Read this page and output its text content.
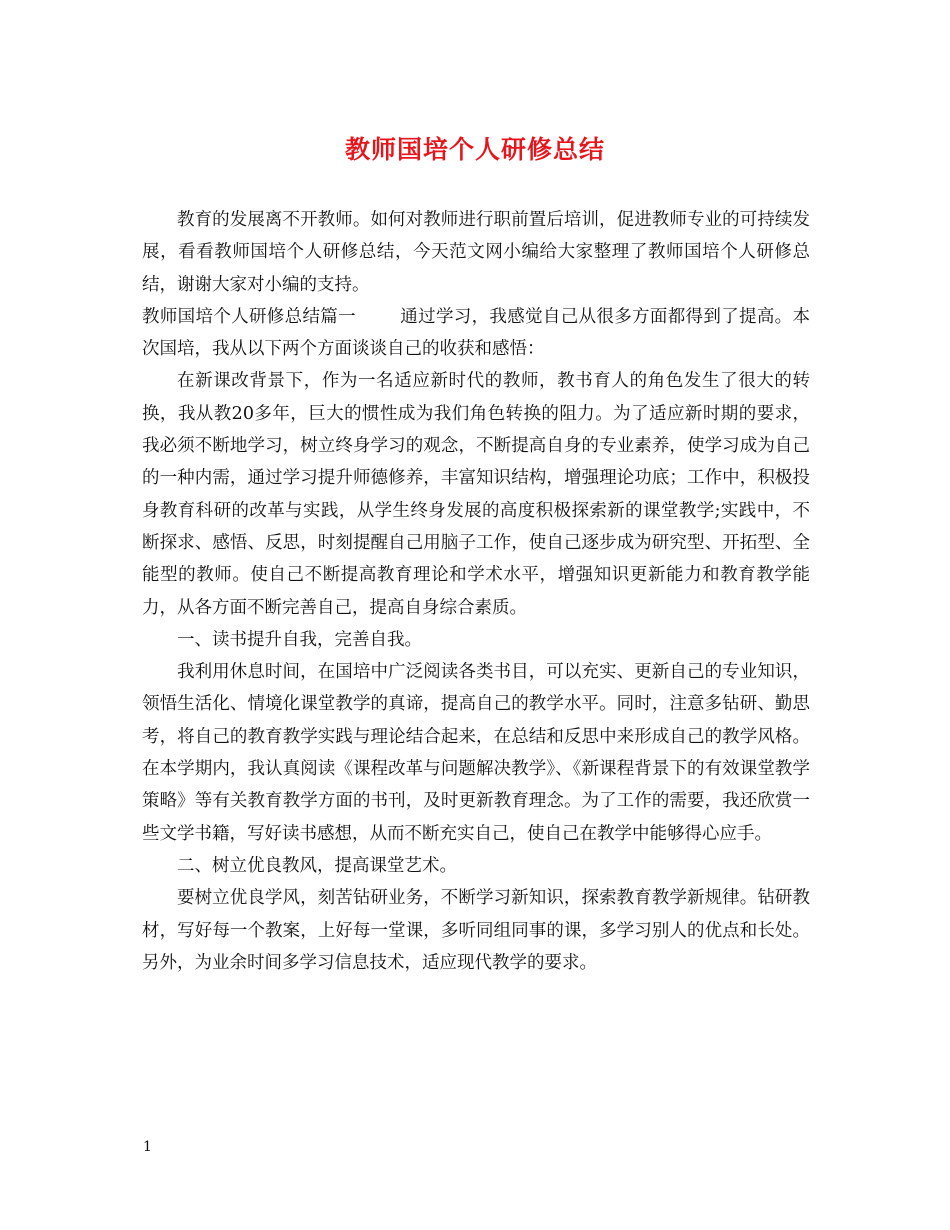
教师国培个人研修总结

教育的发展离不开教师。如何对教师进行职前置后培训，促进教师专业的可持续发展，看看教师国培个人研修总结，今天范文网小编给大家整理了教师国培个人研修总结，谢谢大家对小编的支持。

教师国培个人研修总结篇一	通过学习，我感觉自己从很多方面都得到了提高。本次国培，我从以下两个方面谈谈自己的收获和感悟：

在新课改背景下，作为一名适应新时代的教师，教书育人的角色发生了很大的转换，我从教20多年，巨大的惯性成为我们角色转换的阻力。为了适应新时期的要求，我必须不断地学习，树立终身学习的观念，不断提高自身的专业素养，使学习成为自己的一种内需，通过学习提升师德修养，丰富知识结构，增强理论功底；工作中，积极投身教育科研的改革与实践，从学生终身发展的高度积极探索新的课堂教学;实践中，不断探求、感悟、反思，时刻提醒自己用脑子工作，使自己逐步成为研究型、开拓型、全能型的教师。使自己不断提高教育理论和学术水平，增强知识更新能力和教育教学能力，从各方面不断完善自己，提高自身综合素质。

一、读书提升自我，完善自我。

我利用休息时间，在国培中广泛阅读各类书目，可以充实、更新自己的专业知识，领悟生活化、情境化课堂教学的真谛，提高自己的教学水平。同时，注意多钻研、勤思考，将自己的教育教学实践与理论结合起来，在总结和反思中来形成自己的教学风格。在本学期内，我认真阅读《课程改革与问题解决教学》、《新课程背景下的有效课堂教学策略》等有关教育教学方面的书刊，及时更新教育理念。为了工作的需要，我还欣赏一些文学书籍，写好读书感想，从而不断充实自己，使自己在教学中能够得心应手。

二、树立优良教风，提高课堂艺术。

要树立优良学风，刻苦钻研业务，不断学习新知识，探索教育教学新规律。钻研教材，写好每一个教案，上好每一堂课，多听同组同事的课，多学习别人的优点和长处。另外，为业余时间多学习信息技术，适应现代教学的要求。

1
